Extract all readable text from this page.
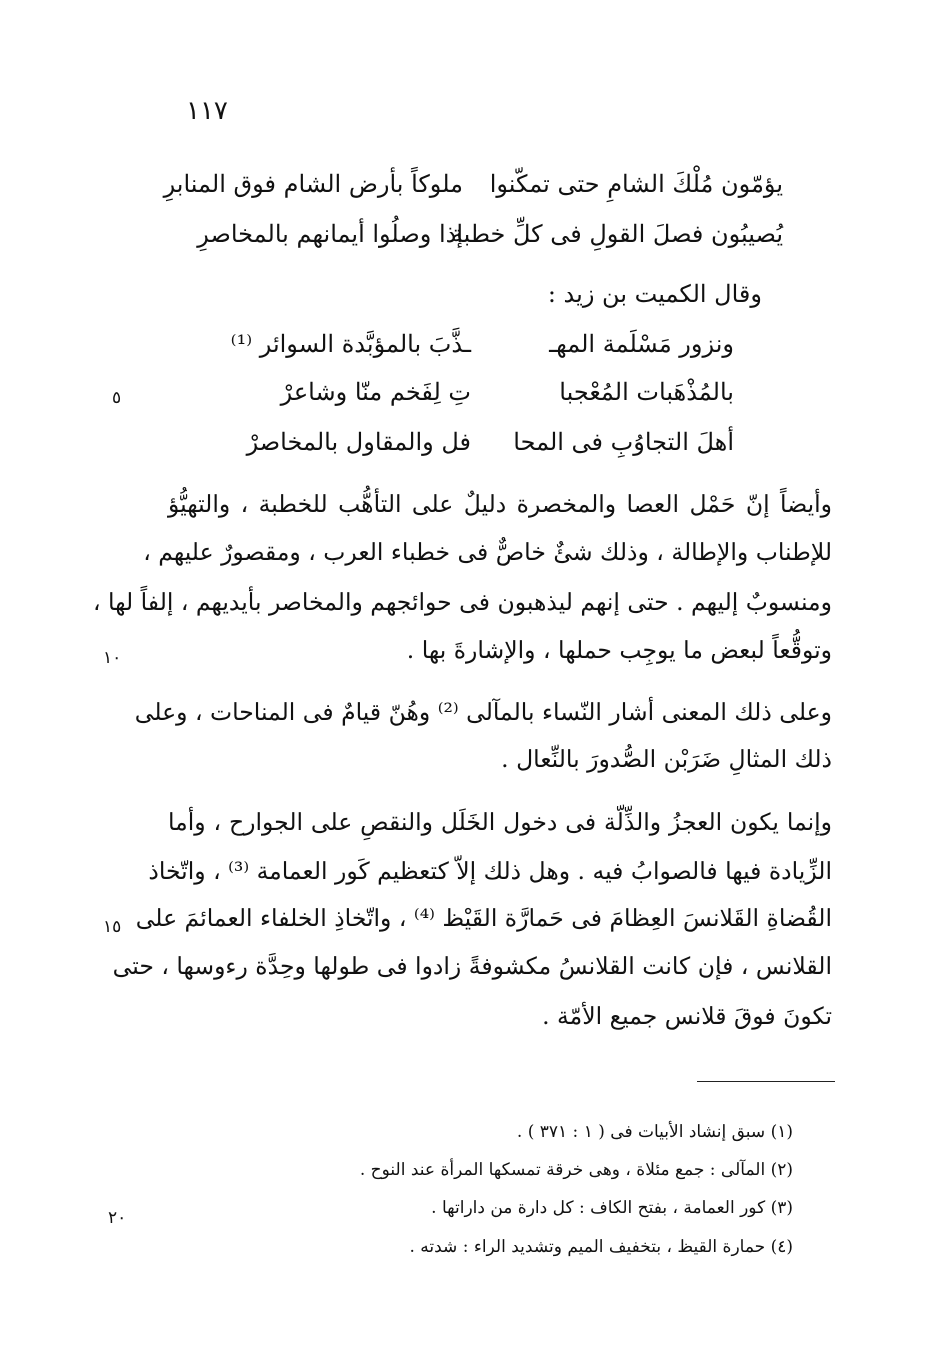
١١٧
يؤمّون مُلْكَ الشامِ حتى تمكّنوا
ملوكاً بأرض الشام فوق المنابرِ
يُصيبُون فصلَ القولِ فى كلِّ خطبة
إذا وصلُوا أيمانهم بالمخاصرِ
وقال الكميت بن زيد :
ونزور مَسْلَمة المهـ
ـذَّبَ بالمؤبَّدة السوائر ⁽¹⁾
بالمُذْهَبات المُعْجبا
تِ لِفَخم منّا وشاعرْ
أهلَ التجاوُبِ فى المحا
فل والمقاول بالمخاصرْ
وأيضاً إنّ حَمْل العصا والمخصرة دليلٌ على التأهُّب للخطبة ، والتهيُّؤ
للإطناب والإطالة ، وذلك شئٌ خاصٌّ فى خطباء العرب ، ومقصورٌ عليهم ،
ومنسوبٌ إليهم . حتى إنهم ليذهبون فى حوائجهم والمخاصر بأيديهم ، إلفاً لها ،
وتوقُّعاً لبعض ما يوجِب حملها ، والإشارةَ بها .
وعلى ذلك المعنى أشار النّساء بالمآلى ⁽²⁾ وهُنّ قيامٌ فى المناحات ، وعلى
ذلك المثالِ ضَرَبْن الصُّدورَ بالنِّعال .
وإنما يكون العجزُ والذِّلّة فى دخول الخَلَل والنقصِ على الجوارح ، وأما
الزِّيادة فيها فالصوابُ فيه . وهل ذلك إلاّ كتعظيم كَور العمامة ⁽³⁾ ، واتّخاذ
القُضاةِ القَلانسَ العِظامَ فى حَمارَّة القَيْظ ⁽⁴⁾ ، واتّخاذِ الخلفاء العمائمَ على
القلانس ، فإن كانت القلانسُ مكشوفةً زادوا فى طولها وحِدَّة رءوسها ، حتى
تكونَ فوقَ قلانس جميع الأمّة .
٥
١٠
١٥
٢٠
(١) سبق إنشاد الأبيات فى ( ١ : ٣٧١ ) .
(٢) المآلى : جمع مئلاة ، وهى خرقة تمسكها المرأة عند النوح .
(٣) كور العمامة ، بفتح الكاف : كل دارة من داراتها .
(٤) حمارة القيظ ، بتخفيف الميم وتشديد الراء : شدته .
